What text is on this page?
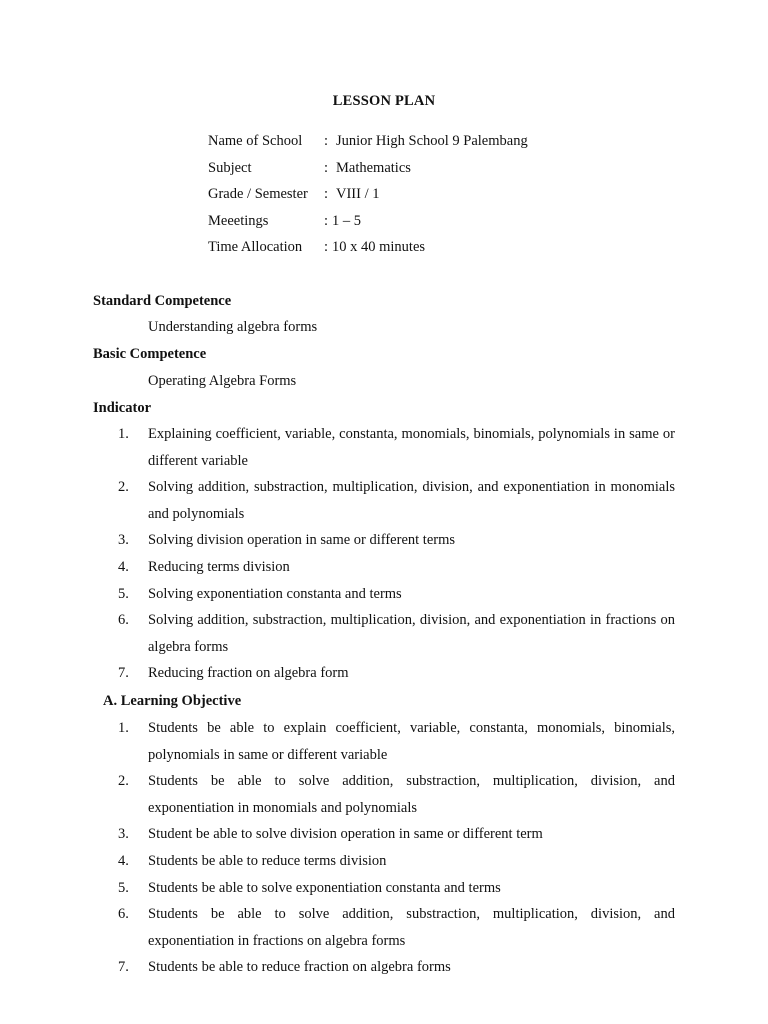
LESSON PLAN
Name of School : Junior High School 9 Palembang
Subject	: Mathematics
Grade / Semester : VIII / 1
Meeetings	: 1 – 5
Time Allocation : 10 x 40 minutes
Standard Competence
Understanding algebra forms
Basic Competence
Operating Algebra Forms
Indicator
1. Explaining coefficient, variable, constanta, monomials, binomials, polynomials in same or different variable
2. Solving addition, substraction, multiplication, division, and exponentiation in monomials and polynomials
3. Solving division operation in same or different terms
4. Reducing terms division
5. Solving exponentiation constanta and terms
6. Solving addition, substraction, multiplication, division, and exponentiation in fractions on algebra forms
7. Reducing fraction on algebra form
A. Learning Objective
1. Students be able to explain coefficient, variable, constanta, monomials, binomials, polynomials in same or different variable
2. Students be able to solve addition, substraction, multiplication, division, and exponentiation in monomials and polynomials
3. Student be able to solve division operation in same or different term
4. Students be able to reduce terms division
5. Students be able to solve exponentiation constanta and terms
6. Students be able to solve addition, substraction, multiplication, division, and exponentiation in fractions on algebra forms
7. Students be able to reduce fraction on algebra forms
